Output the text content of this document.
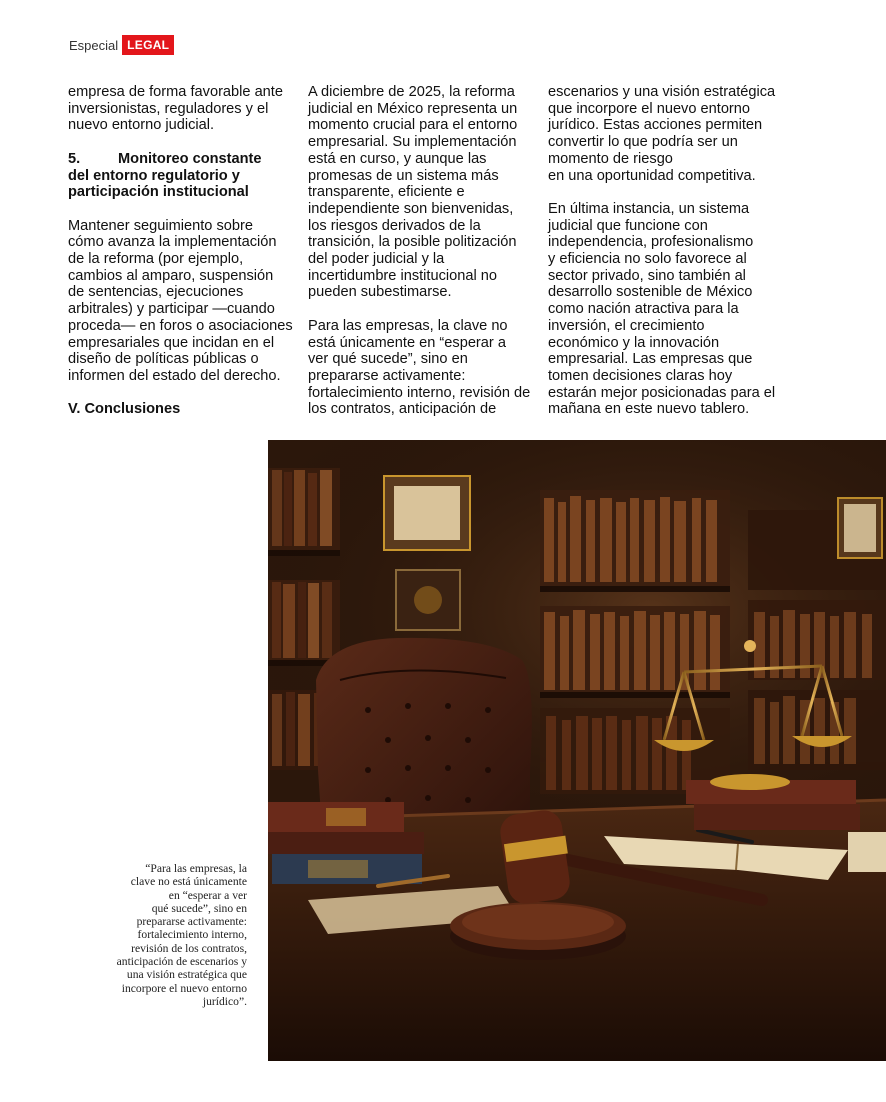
Especial LEGAL
empresa de forma favorable ante
inversionistas, reguladores y el
nuevo entorno judicial.
5.	Monitoreo constante
del entorno regulatorio y
participación institucional
Mantener seguimiento sobre
cómo avanza la implementación
de la reforma (por ejemplo,
cambios al amparo, suspensión
de sentencias, ejecuciones
arbitrales) y participar —cuando
proceda— en foros o asociaciones
empresariales que incidan en el
diseño de políticas públicas o
informen del estado del derecho.
V. Conclusiones
A diciembre de 2025, la reforma
judicial en México representa un
momento crucial para el entorno
empresarial. Su implementación
está en curso, y aunque las
promesas de un sistema más
transparente, eficiente e
independiente son bienvenidas,
los riesgos derivados de la
transición, la posible politización
del poder judicial y la
incertidumbre institucional no
pueden subestimarse.
Para las empresas, la clave no
está únicamente en “esperar a
ver qué sucede”, sino en
prepararse activamente:
fortalecimiento interno, revisión de
los contratos, anticipación de
escenarios y una visión estratégica
que incorpore el nuevo entorno
jurídico. Estas acciones permiten
convertir lo que podría ser un
momento de riesgo
en una oportunidad competitiva.
En última instancia, un sistema
judicial que funcione con
independencia, profesionalismo
y eficiencia no solo favorece al
sector privado, sino también al
desarrollo sostenible de México
como nación atractiva para la
inversión, el crecimiento
económico y la innovación
empresarial. Las empresas que
tomen decisiones claras hoy
estarán mejor posicionadas para el
mañana en este nuevo tablero.
“Para las empresas, la
clave no está únicamente
en “esperar a ver
qué sucede”, sino en
prepararse activamente:
fortalecimiento interno,
revisión de los contratos,
anticipación de escenarios y
una visión estratégica que
incorpore el nuevo entorno
jurídico”.
